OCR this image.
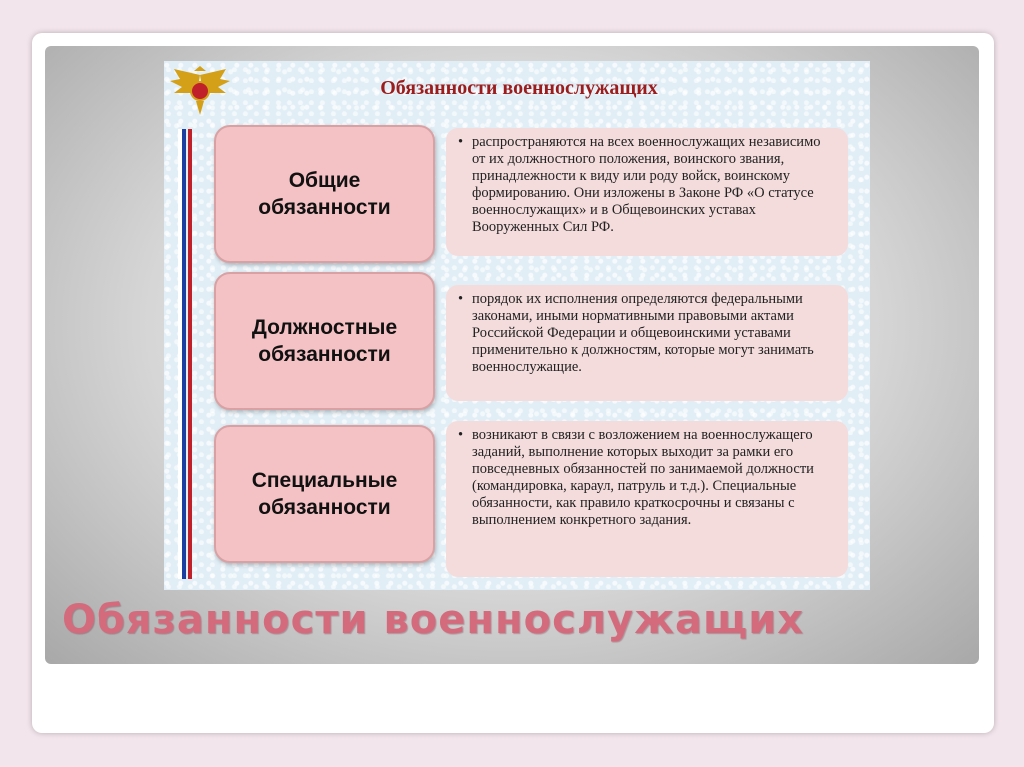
Обязанности военнослужащих
Общие обязанности
• распространяются на всех военнослужащих независимо от их должностного положения, воинского звания, принадлежности к виду или роду войск, воинскому формированию. Они изложены в Законе РФ «О статусе военнослужащих» и в Общевоинских уставах Вооруженных Сил РФ.
Должностные обязанности
• порядок их исполнения определяются федеральными законами, иными нормативными правовыми актами Российской Федерации и общевоинскими уставами применительно к должностям, которые могут занимать военнослужащие.
Специальные обязанности
• возникают в связи с возложением на военнослужащего заданий, выполнение которых выходит за рамки его повседневных обязанностей по занимаемой должности (командировка, караул, патруль и т.д.). Специальные обязанности, как правило краткосрочны и связаны с выполнением конкретного задания.
Обязанности военнослужащих
